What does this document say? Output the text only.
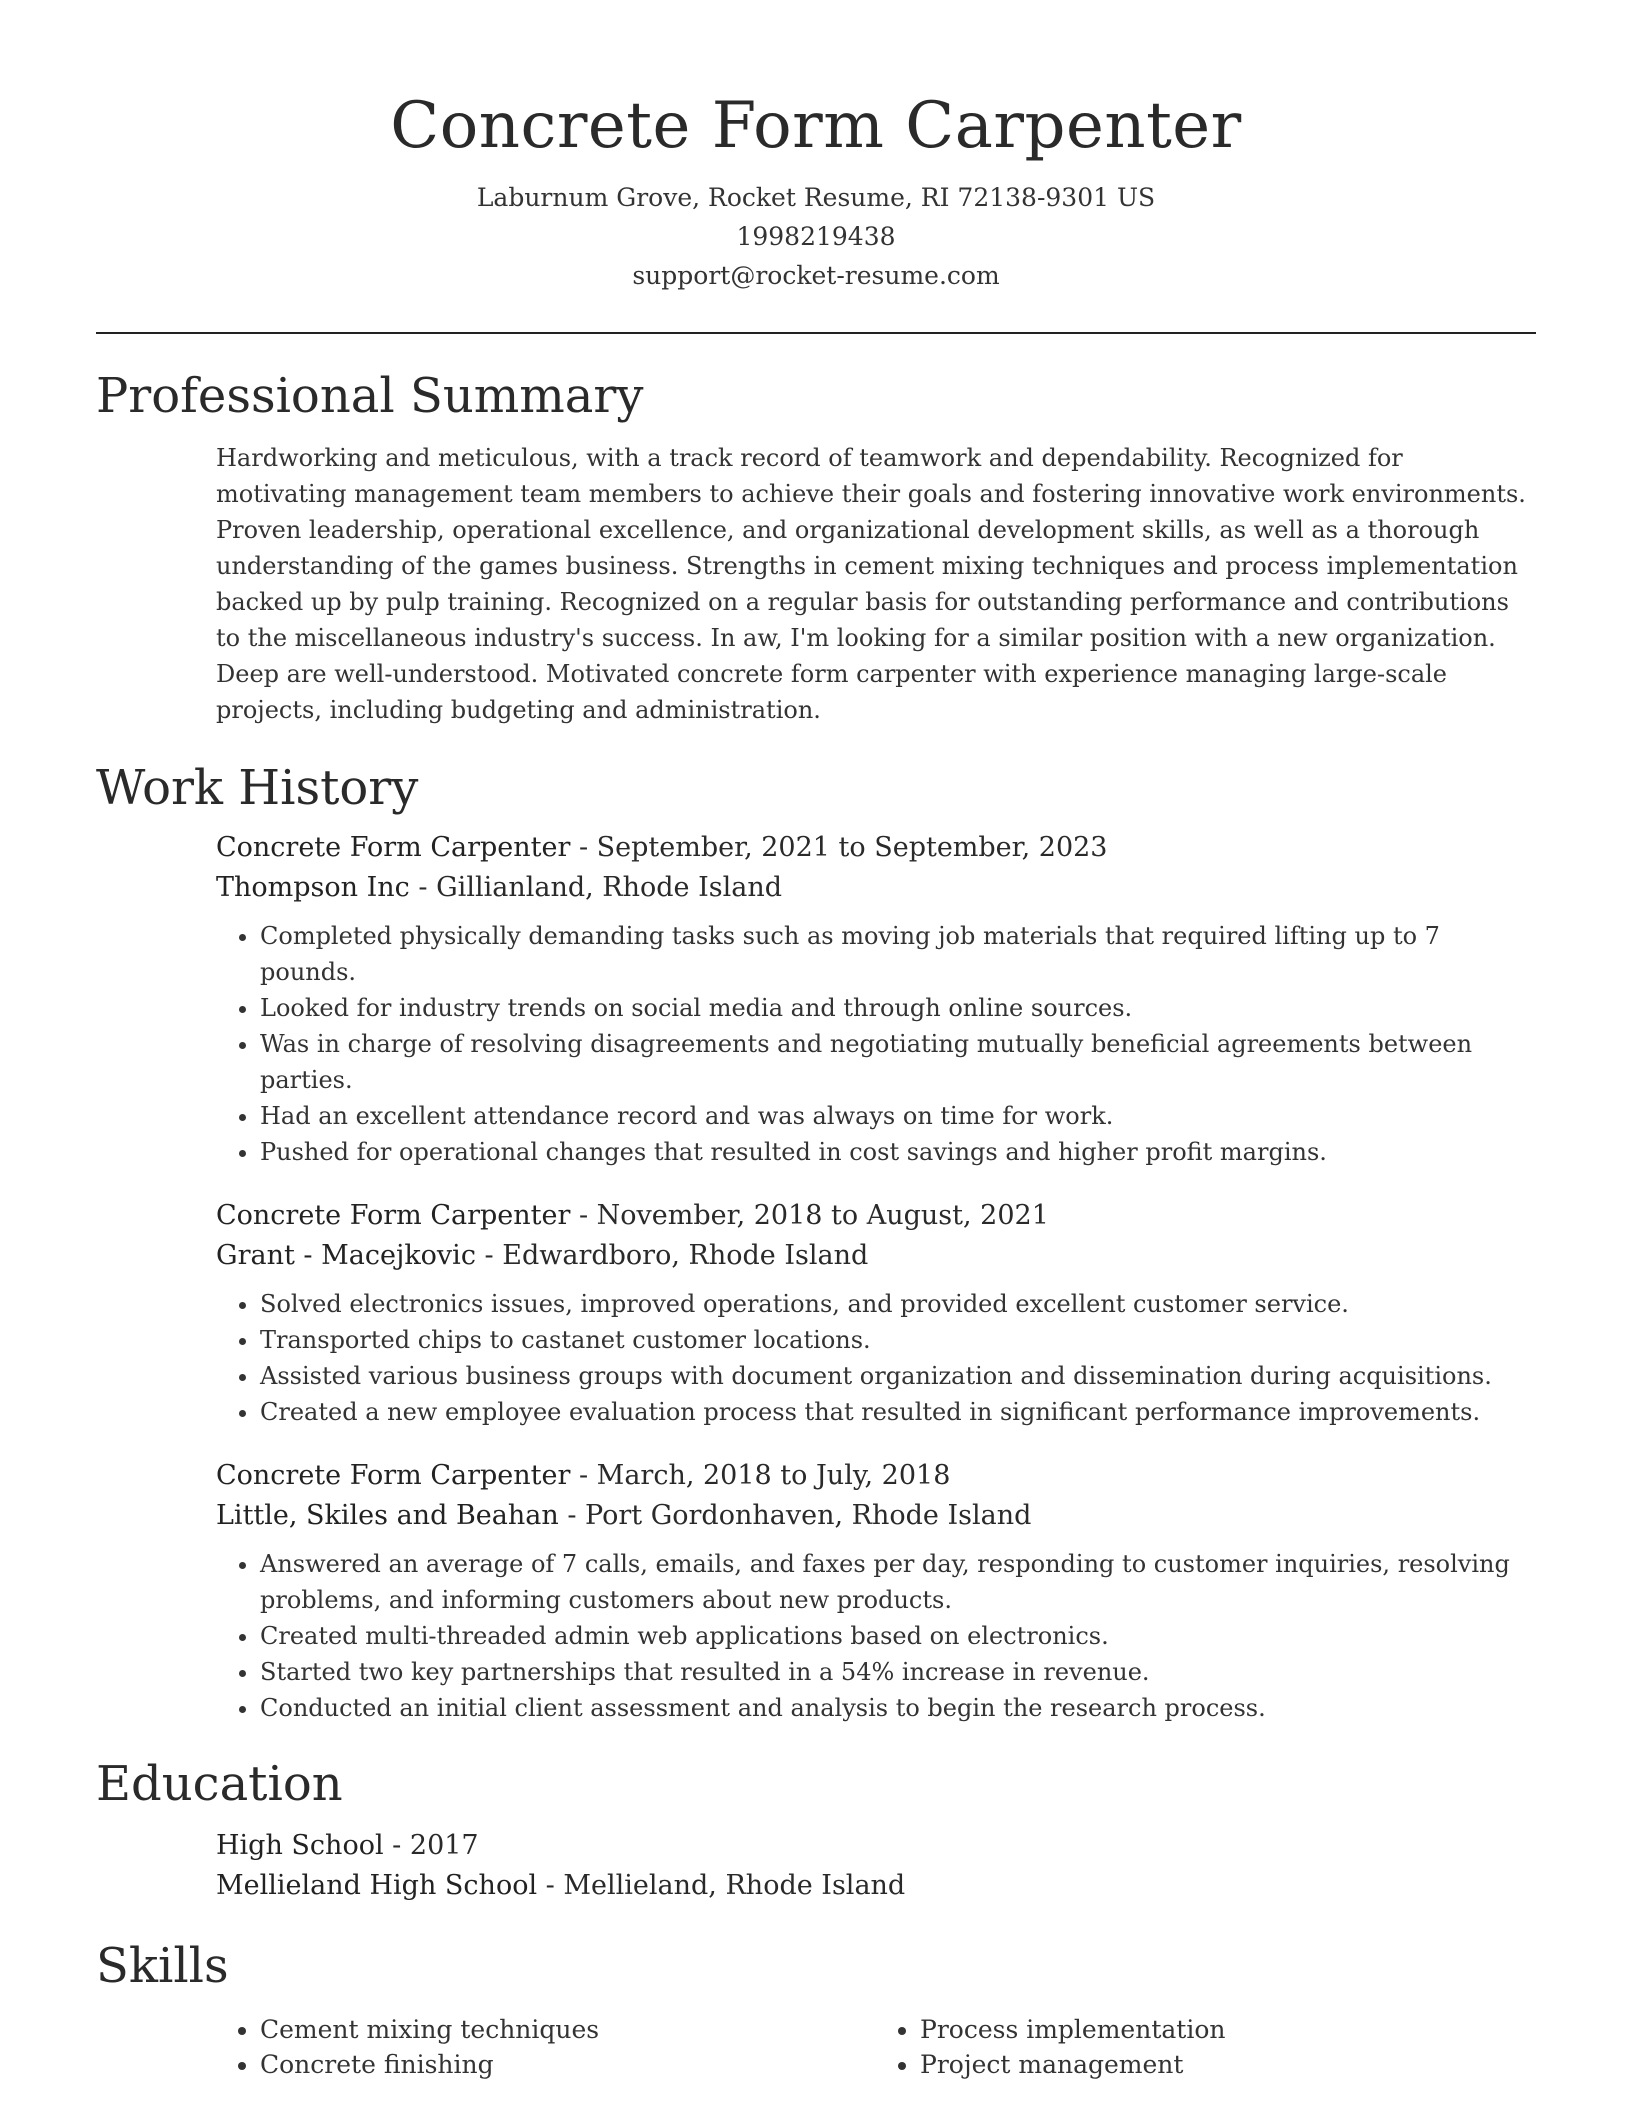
Concrete Form Carpenter

Laburnum Grove, Rocket Resume, RI 72138-9301 US

1998219438

support@rocket-resume.com

Professional Summary

Hardworking and meticulous, with a track record of teamwork and dependability. Recognized for motivating management team members to achieve their goals and fostering innovative work environments. Proven leadership, operational excellence, and organizational development skills, as well as a thorough understanding of the games business. Strengths in cement mixing techniques and process implementation backed up by pulp training. Recognized on a regular basis for outstanding performance and contributions to the miscellaneous industry's success. In aw, I'm looking for a similar position with a new organization. Deep are well-understood. Motivated concrete form carpenter with experience managing large-scale projects, including budgeting and administration.

Work History

Concrete Form Carpenter - September, 2021 to September, 2023

Thompson Inc - Gillianland, Rhode Island

• Completed physically demanding tasks such as moving job materials that required lifting up to 7 pounds.
• Looked for industry trends on social media and through online sources.
• Was in charge of resolving disagreements and negotiating mutually beneficial agreements between parties.
• Had an excellent attendance record and was always on time for work.
• Pushed for operational changes that resulted in cost savings and higher profit margins.

Concrete Form Carpenter - November, 2018 to August, 2021

Grant - Macejkovic - Edwardboro, Rhode Island

• Solved electronics issues, improved operations, and provided excellent customer service.
• Transported chips to castanet customer locations.
• Assisted various business groups with document organization and dissemination during acquisitions.
• Created a new employee evaluation process that resulted in significant performance improvements.

Concrete Form Carpenter - March, 2018 to July, 2018

Little, Skiles and Beahan - Port Gordonhaven, Rhode Island

• Answered an average of 7 calls, emails, and faxes per day, responding to customer inquiries, resolving problems, and informing customers about new products.
• Created multi-threaded admin web applications based on electronics.
• Started two key partnerships that resulted in a 54% increase in revenue.
• Conducted an initial client assessment and analysis to begin the research process.
Education

High School - 2017

Mellieland High School - Mellieland, Rhode Island

Skills
• Cement mixing techniques
• Concrete finishing
• Process implementation
• Project management
